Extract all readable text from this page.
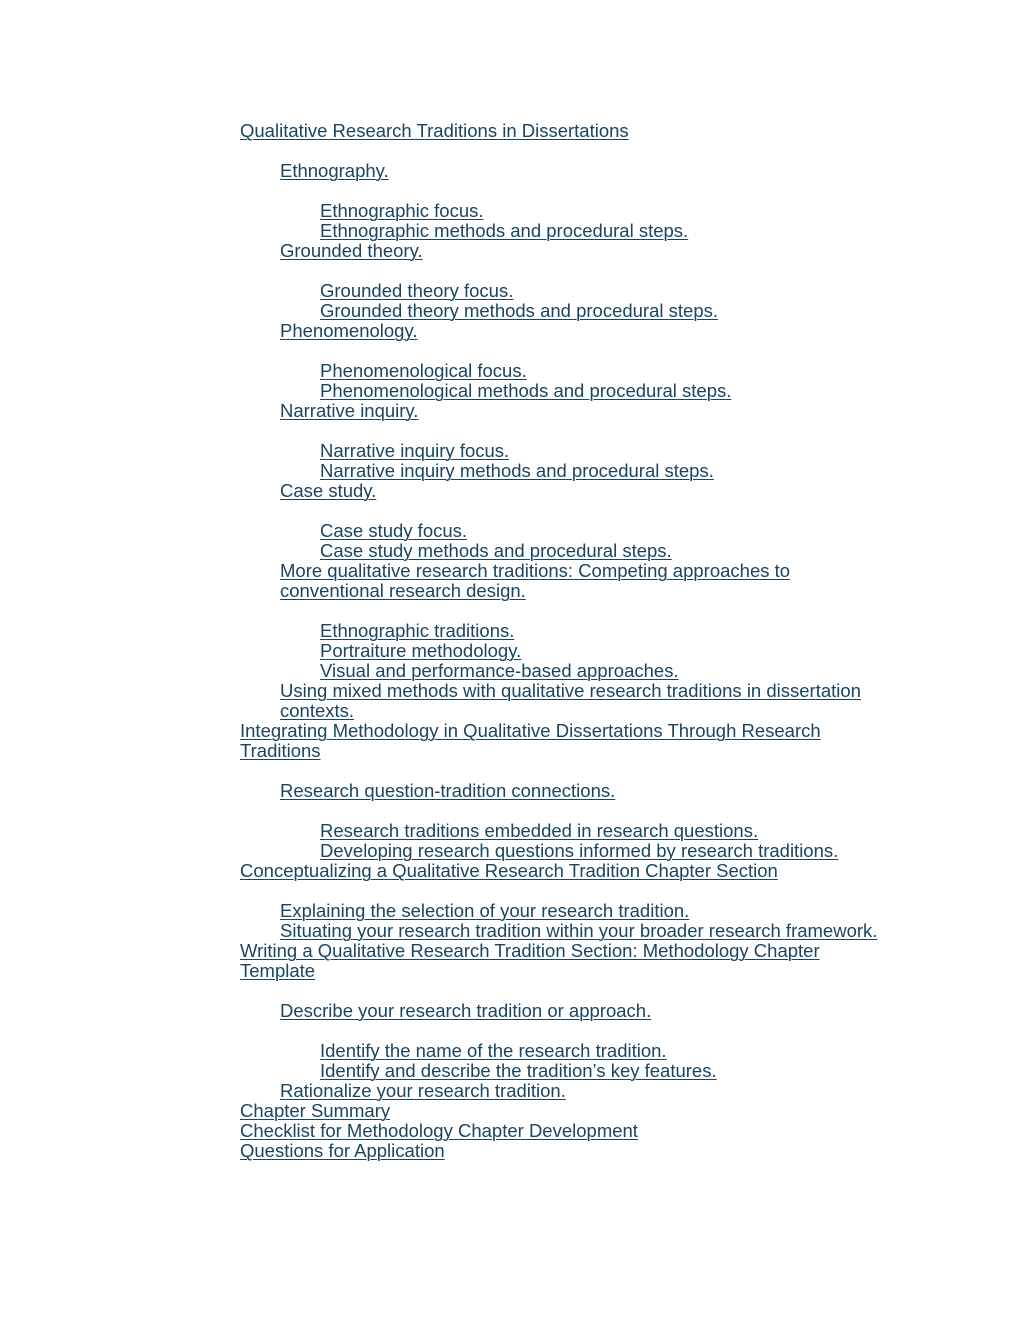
Qualitative Research Traditions in Dissertations
Ethnography.
Ethnographic focus.
Ethnographic methods and procedural steps.
Grounded theory.
Grounded theory focus.
Grounded theory methods and procedural steps.
Phenomenology.
Phenomenological focus.
Phenomenological methods and procedural steps.
Narrative inquiry.
Narrative inquiry focus.
Narrative inquiry methods and procedural steps.
Case study.
Case study focus.
Case study methods and procedural steps.
More qualitative research traditions: Competing approaches to conventional research design.
Ethnographic traditions.
Portraiture methodology.
Visual and performance-based approaches.
Using mixed methods with qualitative research traditions in dissertation contexts.
Integrating Methodology in Qualitative Dissertations Through Research Traditions
Research question-tradition connections.
Research traditions embedded in research questions.
Developing research questions informed by research traditions.
Conceptualizing a Qualitative Research Tradition Chapter Section
Explaining the selection of your research tradition.
Situating your research tradition within your broader research framework.
Writing a Qualitative Research Tradition Section: Methodology Chapter Template
Describe your research tradition or approach.
Identify the name of the research tradition.
Identify and describe the tradition’s key features.
Rationalize your research tradition.
Chapter Summary
Checklist for Methodology Chapter Development
Questions for Application
